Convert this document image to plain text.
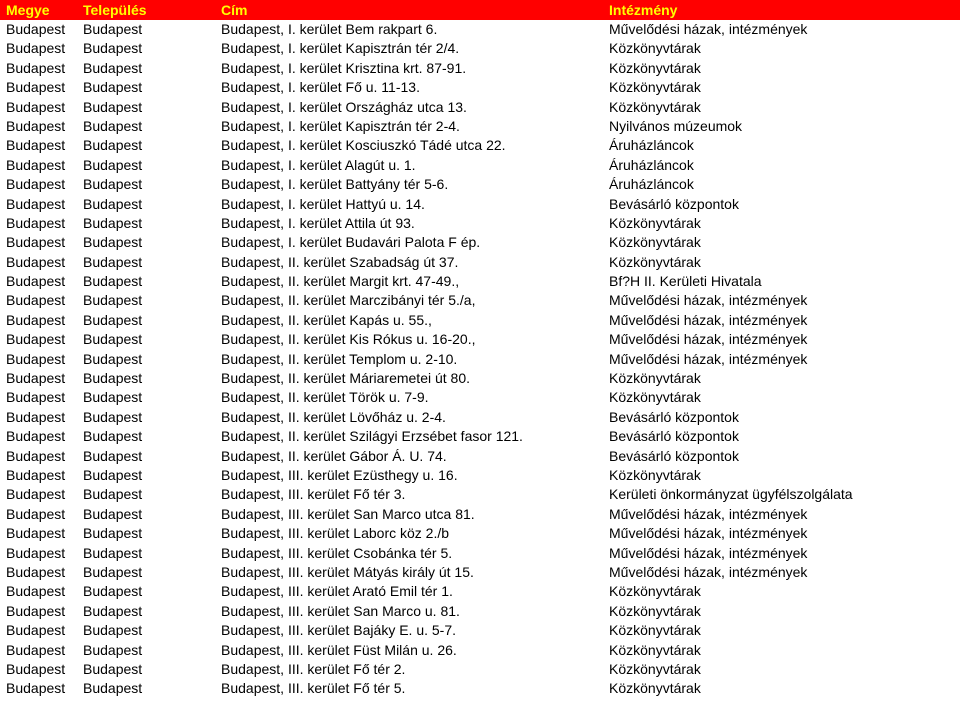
Megye	Település	Cím	Intézmény
Budapest	Budapest	Budapest, I. kerület Bem rakpart 6.	Művelődési házak, intézmények
Budapest	Budapest	Budapest, I. kerület Kapisztrán tér 2/4.	Közkönyvtárak
Budapest	Budapest	Budapest, I. kerület Krisztina krt. 87-91.	Közkönyvtárak
Budapest	Budapest	Budapest, I. kerület Fő u. 11-13.	Közkönyvtárak
Budapest	Budapest	Budapest, I. kerület Országház utca 13.	Közkönyvtárak
Budapest	Budapest	Budapest, I. kerület Kapisztrán tér 2-4.	Nyilvános múzeumok
Budapest	Budapest	Budapest, I. kerület Kosciuszkó Tádé utca 22.	Áruházláncok
Budapest	Budapest	Budapest, I. kerület Alagút u. 1.	Áruházláncok
Budapest	Budapest	Budapest, I. kerület Battyány tér 5-6.	Áruházláncok
Budapest	Budapest	Budapest, I. kerület Hattyú u. 14.	Bevásárló központok
Budapest	Budapest	Budapest, I. kerület Attila út 93.	Közkönyvtárak
Budapest	Budapest	Budapest, I. kerület Budavári Palota F ép.	Közkönyvtárak
Budapest	Budapest	Budapest, II. kerület Szabadság út 37.	Közkönyvtárak
Budapest	Budapest	Budapest, II. kerület Margit krt. 47-49.,	Bf?H II. Kerületi Hivatala
Budapest	Budapest	Budapest, II. kerület Marczibányi tér 5./a,	Művelődési házak, intézmények
Budapest	Budapest	Budapest, II. kerület Kapás u. 55.,	Művelődési házak, intézmények
Budapest	Budapest	Budapest, II. kerület Kis Rókus u. 16-20.,	Művelődési házak, intézmények
Budapest	Budapest	Budapest, II. kerület Templom u. 2-10.	Művelődési házak, intézmények
Budapest	Budapest	Budapest, II. kerület Máriaremetei út 80.	Közkönyvtárak
Budapest	Budapest	Budapest, II. kerület Török u. 7-9.	Közkönyvtárak
Budapest	Budapest	Budapest, II. kerület Lövőház u. 2-4.	Bevásárló központok
Budapest	Budapest	Budapest, II. kerület Szilágyi Erzsébet fasor 121.	Bevásárló központok
Budapest	Budapest	Budapest, II. kerület Gábor Á. U. 74.	Bevásárló központok
Budapest	Budapest	Budapest, III. kerület Ezüsthegy u. 16.	Közkönyvtárak
Budapest	Budapest	Budapest, III. kerület Fő tér 3.	Kerületi önkormányzat ügyfélszolgálata
Budapest	Budapest	Budapest, III. kerület San Marco utca 81.	Művelődési házak, intézmények
Budapest	Budapest	Budapest, III. kerület Laborc köz 2./b	Művelődési házak, intézmények
Budapest	Budapest	Budapest, III. kerület Csobánka tér 5.	Művelődési házak, intézmények
Budapest	Budapest	Budapest, III. kerület Mátyás király út 15.	Művelődési házak, intézmények
Budapest	Budapest	Budapest, III. kerület Arató Emil tér 1.	Közkönyvtárak
Budapest	Budapest	Budapest, III. kerület San Marco u. 81.	Közkönyvtárak
Budapest	Budapest	Budapest, III. kerület Bajáky E. u. 5-7.	Közkönyvtárak
Budapest	Budapest	Budapest, III. kerület Füst Milán u. 26.	Közkönyvtárak
Budapest	Budapest	Budapest, III. kerület Fő tér 2.	Közkönyvtárak
Budapest	Budapest	Budapest, III. kerület Fő tér 5.	Közkönyvtárak
